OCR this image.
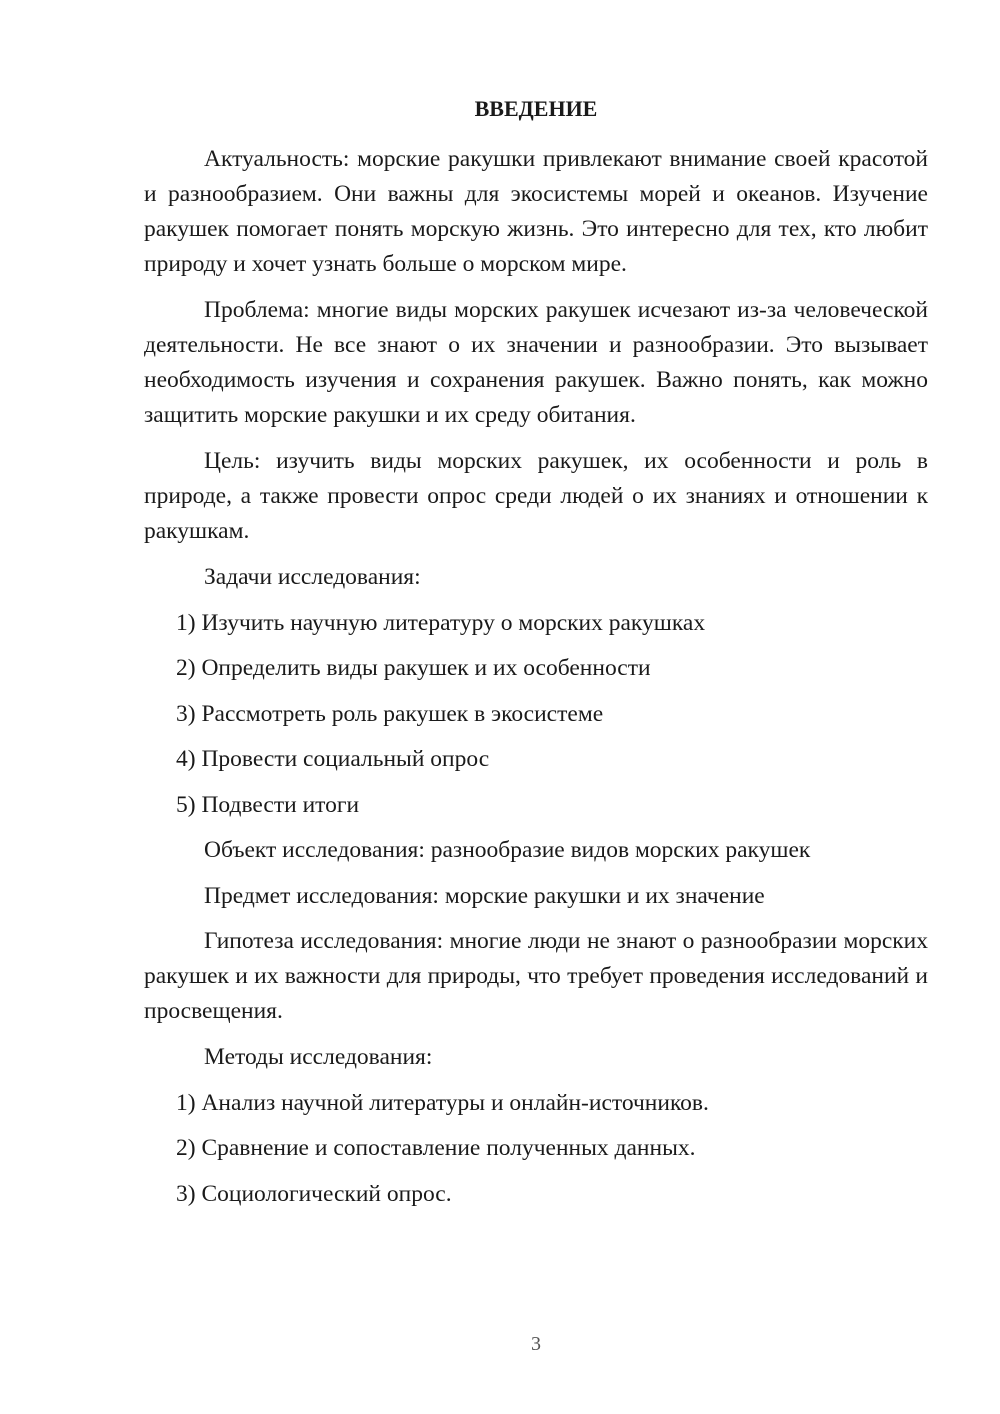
ВВЕДЕНИЕ

Актуальность: морские ракушки привлекают внимание своей красотой и разнообразием. Они важны для экосистемы морей и океанов. Изучение ракушек помогает понять морскую жизнь. Это интересно для тех, кто любит природу и хочет узнать больше о морском мире.

Проблема: многие виды морских ракушек исчезают из-за человеческой деятельности. Не все знают о их значении и разнообразии. Это вызывает необходимость изучения и сохранения ракушек. Важно понять, как можно защитить морские ракушки и их среду обитания.

Цель: изучить виды морских ракушек, их особенности и роль в природе, а также провести опрос среди людей о их знаниях и отношении к ракушкам.

Задачи исследования:
1) Изучить научную литературу о морских ракушках
2) Определить виды ракушек и их особенности
3) Рассмотреть роль ракушек в экосистеме
4) Провести социальный опрос
5) Подвести итоги
Объект исследования: разнообразие видов морских ракушек
Предмет исследования: морские ракушки и их значение

Гипотеза исследования: многие люди не знают о разнообразии морских ракушек и их важности для природы, что требует проведения исследований и просвещения.

Методы исследования:
1) Анализ научной литературы и онлайн-источников.
2) Сравнение и сопоставление полученных данных.
3) Социологический опрос.
3
